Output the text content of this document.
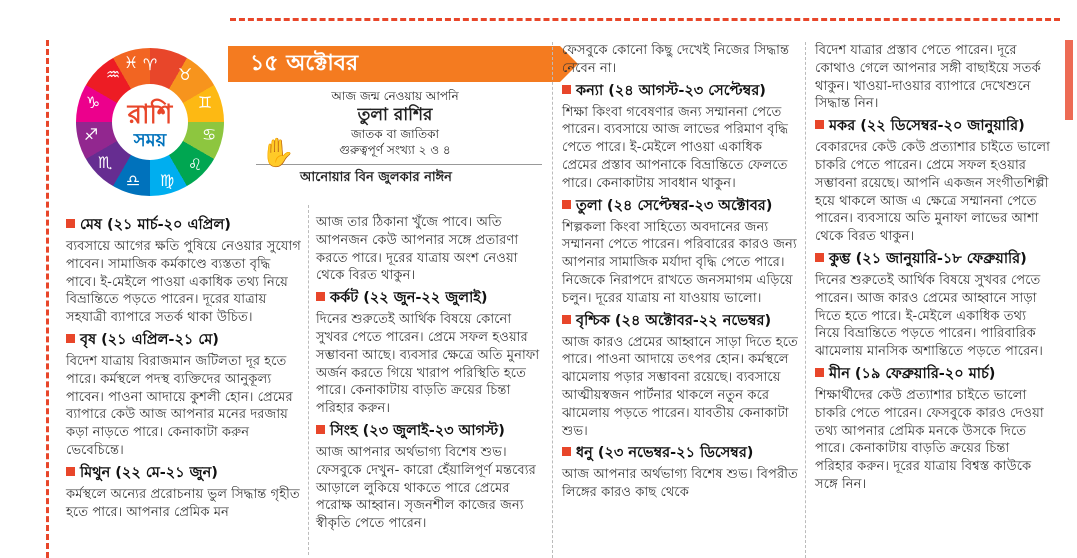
♈
♉
♊
♋
♌
♍
♎
♏
♐
♑
♒
♓
রাশি
সময়
১৫ অক্টোবর
আজ জন্ম নেওয়ায় আপনি
তুলা রাশির
জাতক বা জাতিকা
গুরুত্বপূর্ণ সংখ্যা ২ ও ৪
✋
আনোয়ার বিন জুলকার নাঈন
মেষ (২১ মার্চ-২০ এপ্রিল)

ব্যবসায়ে আগের ক্ষতি পুষিয়ে নেওয়ার সুযোগ পাবেন। সামাজিক কর্মকাণ্ডে ব্যস্ততা বৃদ্ধি পাবে। ই-মেইলে পাওয়া একাধিক তথ্য নিয়ে বিভ্রান্তিতে পড়তে পারেন। দূরের যাত্রায় সহযাত্রী ব্যাপারে সতর্ক থাকা উচিত।

বৃষ (২১ এপ্রিল-২১ মে)

বিদেশ যাত্রায় বিরাজমান জটিলতা দূর হতে পারে। কর্মস্থলে পদস্থ ব্যক্তিদের আনুকূল্য পাবেন। পাওনা আদায়ে কুশলী হোন। প্রেমের ব্যাপারে কেউ আজ আপনার মনের দরজায় কড়া নাড়তে পারে। কেনাকাটা করুন ভেবেচিন্তে।

মিথুন (২২ মে-২১ জুন)

কর্মস্থলে অন্যের প্ররোচনায় ভুল সিদ্ধান্ত গৃহীত হতে পারে। আপনার প্রেমিক মন

আজ তার ঠিকানা খুঁজে পাবে। অতি আপনজন কেউ আপনার সঙ্গে প্রতারণা করতে পারে। দূরের যাত্রায় অংশ নেওয়া থেকে বিরত থাকুন।

কর্কট (২২ জুন-২২ জুলাই)

দিনের শুরুতেই আর্থিক বিষয়ে কোনো সুখবর পেতে পারেন। প্রেমে সফল হওয়ার সম্ভাবনা আছে। ব্যবসার ক্ষেত্রে অতি মুনাফা অর্জন করতে গিয়ে খারাপ পরিস্থিতি হতে পারে। কেনাকাটায় বাড়তি ক্রয়ের চিন্তা পরিহার করুন।

সিংহ (২৩ জুলাই-২৩ আগস্ট)

আজ আপনার অর্থভাগ্য বিশেষ শুভ। ফেসবুকে দেখুন- কারো হেঁয়ালিপূর্ণ মন্তব্যের আড়ালে লুকিয়ে থাকতে পারে প্রেমের পরোক্ষ আহ্বান। সৃজনশীল কাজের জন্য স্বীকৃতি পেতে পারেন।

ফেসবুকে কোনো কিছু দেখেই নিজের সিদ্ধান্ত নেবেন না।

কন্যা (২৪ আগস্ট-২৩ সেপ্টেম্বর)

শিক্ষা কিংবা গবেষণার জন্য সম্মাননা পেতে পারেন। ব্যবসায়ে আজ লাভের পরিমাণ বৃদ্ধি পেতে পারে। ই-মেইলে পাওয়া একাধিক প্রেমের প্রস্তাব আপনাকে বিভ্রান্তিতে ফেলতে পারে। কেনাকাটায় সাবধান থাকুন।

তুলা (২৪ সেপ্টেম্বর-২৩ অক্টোবর)

শিল্পকলা কিংবা সাহিত্যে অবদানের জন্য সম্মাননা পেতে পারেন। পরিবারের কারও জন্য আপনার সামাজিক মর্যাদা বৃদ্ধি পেতে পারে। নিজেকে নিরাপদে রাখতে জনসমাগম এড়িয়ে চলুন। দূরের যাত্রায় না যাওয়ায় ভালো।

বৃশ্চিক (২৪ অক্টোবর-২২ নভেম্বর)

আজ কারও প্রেমের আহ্বানে সাড়া দিতে হতে পারে। পাওনা আদায়ে তৎপর হোন। কর্মস্থলে ঝামেলায় পড়ার সম্ভাবনা রয়েছে। ব্যবসায়ে আত্মীয়স্বজন পার্টনার থাকলে নতুন করে ঝামেলায় পড়তে পারেন। যাবতীয় কেনাকাটা শুভ।

ধনু (২৩ নভেম্বর-২১ ডিসেম্বর)

আজ আপনার অর্থভাগ্য বিশেষ শুভ। বিপরীত লিঙ্গের কারও কাছ থেকে

বিদেশ যাত্রার প্রস্তাব পেতে পারেন। দূরে কোথাও গেলে আপনার সঙ্গী বাছাইয়ে সতর্ক থাকুন। খাওয়া-দাওয়ার ব্যাপারে দেখেশুনে সিদ্ধান্ত নিন।

মকর (২২ ডিসেম্বর-২০ জানুয়ারি)

বেকারদের কেউ কেউ প্রত্যাশার চাইতে ভালো চাকরি পেতে পারেন। প্রেমে সফল হওয়ার সম্ভাবনা রয়েছে। আপনি একজন সংগীতশিল্পী হয়ে থাকলে আজ এ ক্ষেত্রে সম্মাননা পেতে পারেন। ব্যবসায়ে অতি মুনাফা লাভের আশা থেকে বিরত থাকুন।

কুম্ভ (২১ জানুয়ারি-১৮ ফেব্রুয়ারি)

দিনের শুরুতেই আর্থিক বিষয়ে সুখবর পেতে পারেন। আজ কারও প্রেমের আহ্বানে সাড়া দিতে হতে পারে। ই-মেইলে একাধিক তথ্য নিয়ে বিভ্রান্তিতে পড়তে পারেন। পারিবারিক ঝামেলায় মানসিক অশান্তিতে পড়তে পারেন।

মীন (১৯ ফেব্রুয়ারি-২০ মার্চ)

শিক্ষার্থীদের কেউ প্রত্যাশার চাইতে ভালো চাকরি পেতে পারেন। ফেসবুকে কারও দেওয়া তথ্য আপনার প্রেমিক মনকে উসকে দিতে পারে। কেনাকাটায় বাড়তি ক্রয়ের চিন্তা পরিহার করুন। দূরের যাত্রায় বিশ্বস্ত কাউকে সঙ্গে নিন।
